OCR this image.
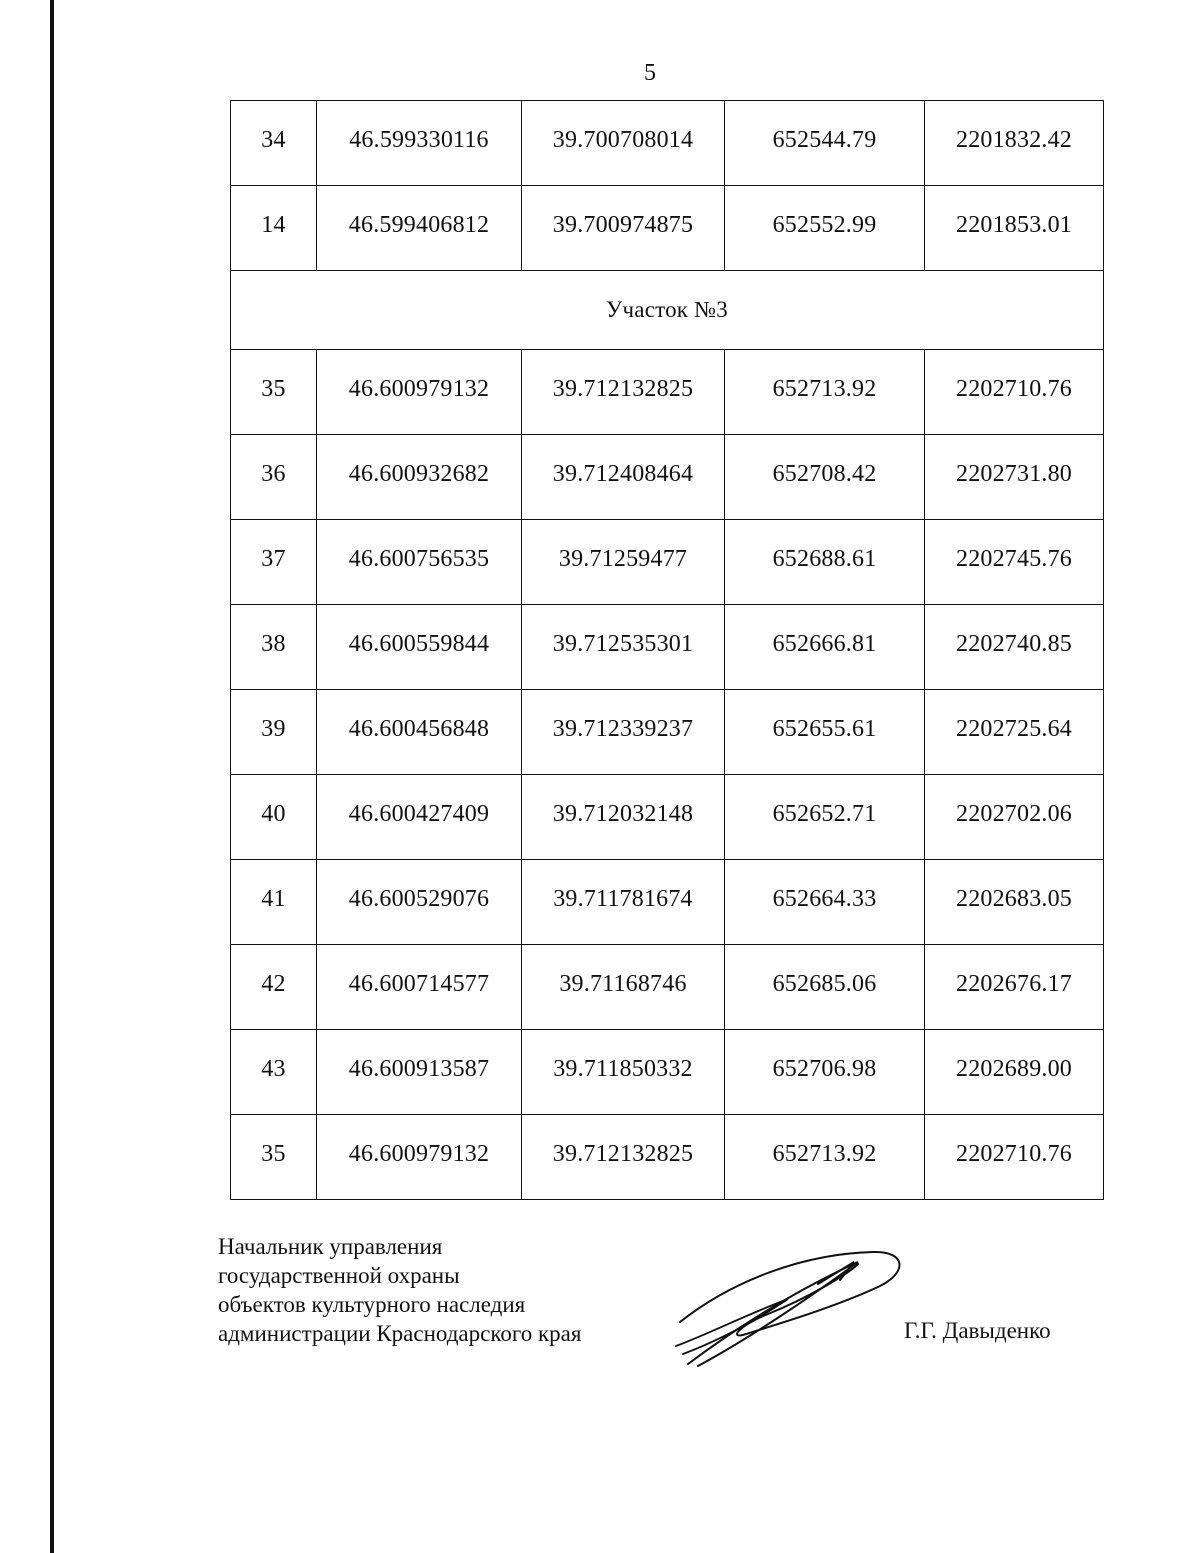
5
34	46.599330116	39.700708014	652544.79	2201832.42
14	46.599406812	39.700974875	652552.99	2201853.01
Участок №3				
35	46.600979132	39.712132825	652713.92	2202710.76
36	46.600932682	39.712408464	652708.42	2202731.80
37	46.600756535	39.71259477	652688.61	2202745.76
38	46.600559844	39.712535301	652666.81	2202740.85
39	46.600456848	39.712339237	652655.61	2202725.64
40	46.600427409	39.712032148	652652.71	2202702.06
41	46.600529076	39.711781674	652664.33	2202683.05
42	46.600714577	39.71168746	652685.06	2202676.17
43	46.600913587	39.711850332	652706.98	2202689.00
35	46.600979132	39.712132825	652713.92	2202710.76
Начальник управления
государственной охраны
объектов культурного наследия
администрации Краснодарского края	Г.Г. Давыденко
